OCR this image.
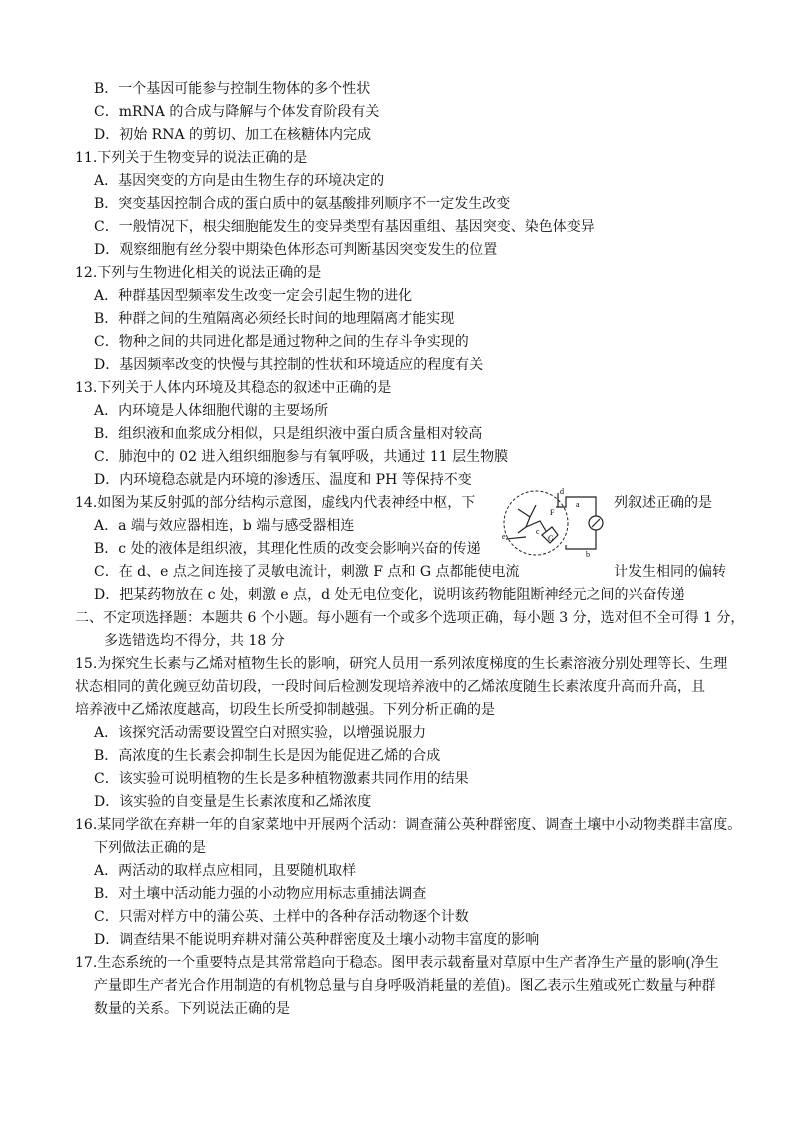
B．一个基因可能参与控制生物体的多个性状
C．mRNA 的合成与降解与个体发育阶段有关
D．初始 RNA 的剪切、加工在核糖体内完成
11.下列关于生物变异的说法正确的是
A．基因突变的方向是由生物生存的环境决定的
B．突变基因控制合成的蛋白质中的氨基酸排列顺序不一定发生改变
C．一般情况下，根尖细胞能发生的变异类型有基因重组、基因突变、染色体变异
D．观察细胞有丝分裂中期染色体形态可判断基因突变发生的位置
12.下列与生物进化相关的说法正确的是
A．种群基因型频率发生改变一定会引起生物的进化
B．种群之间的生殖隔离必须经长时间的地理隔离才能实现
C．物种之间的共同进化都是通过物种之间的生存斗争实现的
D．基因频率改变的快慢与其控制的性状和环境适应的程度有关
13.下列关于人体内环境及其稳态的叙述中正确的是
A．内环境是人体细胞代谢的主要场所
B．组织液和血浆成分相似，只是组织液中蛋白质含量相对较高
C．肺泡中的 02 进入组织细胞参与有氧呼吸，共通过 11 层生物膜
D．内环境稳态就是内环境的渗透压、温度和 PH 等保持不变
14.如图为某反射弧的部分结构示意图，虚线内代表神经中枢，下	列叙述正确的是
A．a 端与效应器相连，b 端与感受器相连
B．c 处的液体是组织液，其理化性质的改变会影响兴奋的传递
C．在 d、e 点之间连接了灵敏电流计，刺激 F 点和 G 点都能使电流	计发生相同的偏转
D．把某药物放在 c 处，刺激 e 点，d 处无电位变化，说明该药物能阻断神经元之间的兴奋传递
d
a
b
c
e
F
G
二、不定项选择题：本题共 6 个小题。每小题有一个或多个选项正确，每小题 3 分，选对但不全可得 1 分，
多选错选均不得分，共 18 分
15.为探究生长素与乙烯对植物生长的影响，研究人员用一系列浓度梯度的生长素溶液分别处理等长、生理
状态相同的黄化豌豆幼苗切段，一段时间后检测发现培养液中的乙烯浓度随生长素浓度升高而升高，且
培养液中乙烯浓度越高，切段生长所受抑制越强。下列分析正确的是
A．该探究活动需要设置空白对照实验，以增强说服力
B．高浓度的生长素会抑制生长是因为能促进乙烯的合成
C．该实验可说明植物的生长是多种植物激素共同作用的结果
D．该实验的自变量是生长素浓度和乙烯浓度
16.某同学欲在弃耕一年的自家菜地中开展两个活动：调查蒲公英种群密度、调查土壤中小动物类群丰富度。
下列做法正确的是
A．两活动的取样点应相同，且要随机取样
B．对土壤中活动能力强的小动物应用标志重捕法调查
C．只需对样方中的蒲公英、土样中的各种存活动物逐个计数
D．调查结果不能说明弃耕对蒲公英种群密度及土壤小动物丰富度的影响
17.生态系统的一个重要特点是其常常趋向于稳态。图甲表示载畜量对草原中生产者净生产量的影响(净生
产量即生产者光合作用制造的有机物总量与自身呼吸消耗量的差值)。图乙表示生殖或死亡数量与种群
数量的关系。下列说法正确的是
